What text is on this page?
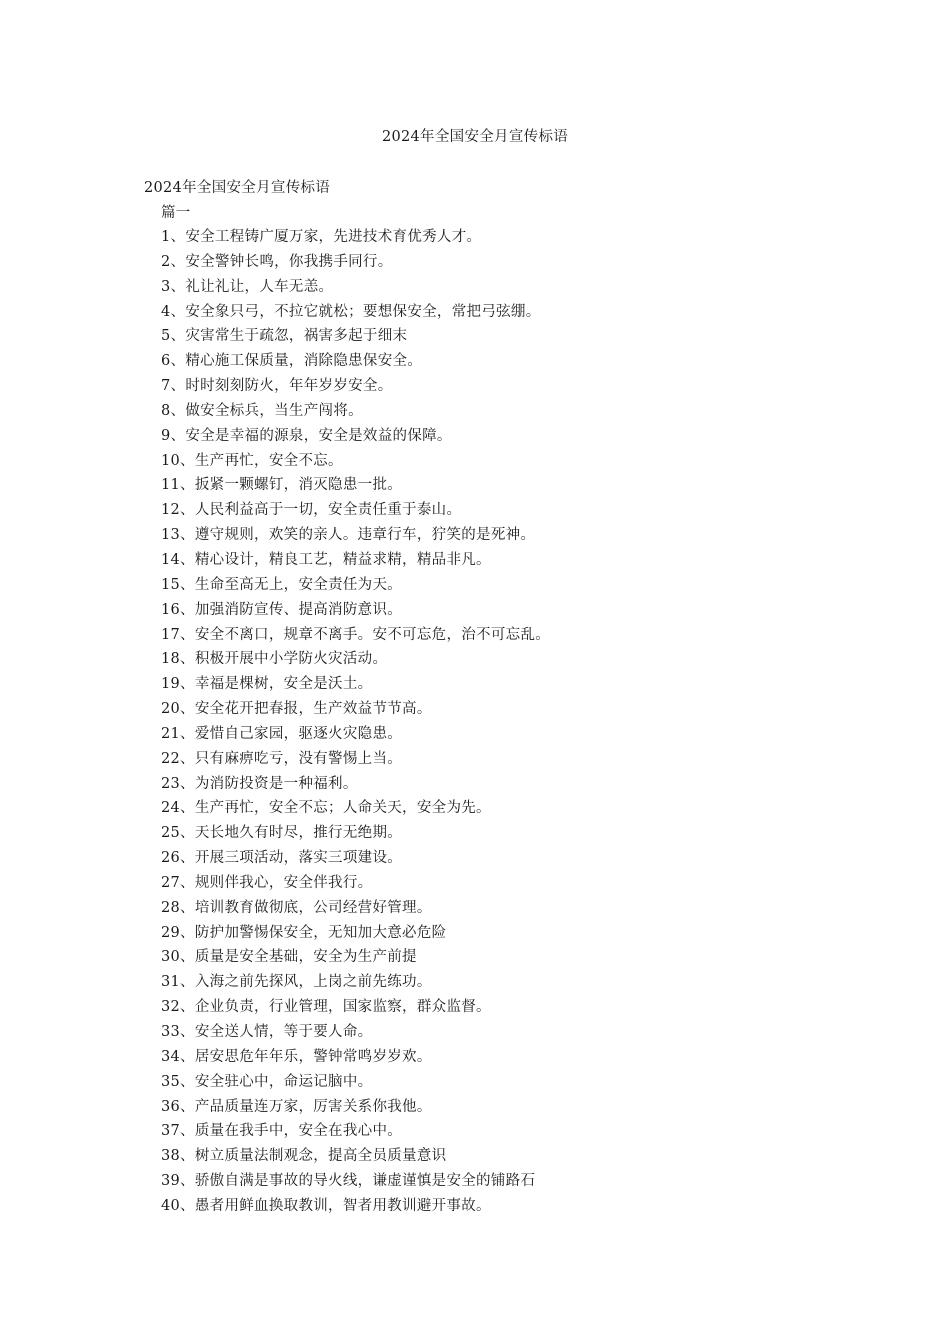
2024年全国安全月宣传标语
2024年全国安全月宣传标语
篇一
1、安全工程铸广厦万家，先进技术育优秀人才。
2、安全警钟长鸣，你我携手同行。
3、礼让礼让，人车无恙。
4、安全象只弓，不拉它就松；要想保安全，常把弓弦绷。
5、灾害常生于疏忽，祸害多起于细末
6、精心施工保质量，消除隐患保安全。
7、时时刻刻防火，年年岁岁安全。
8、做安全标兵，当生产闯将。
9、安全是幸福的源泉，安全是效益的保障。
10、生产再忙，安全不忘。
11、扳紧一颗螺钉，消灭隐患一批。
12、人民利益高于一切，安全责任重于泰山。
13、遵守规则，欢笑的亲人。违章行车，狞笑的是死神。
14、精心设计，精良工艺，精益求精，精品非凡。
15、生命至高无上，安全责任为天。
16、加强消防宣传、提高消防意识。
17、安全不离口，规章不离手。安不可忘危，治不可忘乱。
18、积极开展中小学防火灾活动。
19、幸福是棵树，安全是沃土。
20、安全花开把春报，生产效益节节高。
21、爱惜自己家园，驱逐火灾隐患。
22、只有麻痹吃亏，没有警惕上当。
23、为消防投资是一种福利。
24、生产再忙，安全不忘；人命关天，安全为先。
25、天长地久有时尽，推行无绝期。
26、开展三项活动，落实三项建设。
27、规则伴我心，安全伴我行。
28、培训教育做彻底，公司经营好管理。
29、防护加警惕保安全，无知加大意必危险
30、质量是安全基础，安全为生产前提
31、入海之前先探风，上岗之前先练功。
32、企业负责，行业管理，国家监察，群众监督。
33、安全送人情，等于要人命。
34、居安思危年年乐，警钟常鸣岁岁欢。
35、安全驻心中，命运记脑中。
36、产品质量连万家，厉害关系你我他。
37、质量在我手中，安全在我心中。
38、树立质量法制观念，提高全员质量意识
39、骄傲自满是事故的导火线，谦虚谨慎是安全的铺路石
40、愚者用鲜血换取教训，智者用教训避开事故。
